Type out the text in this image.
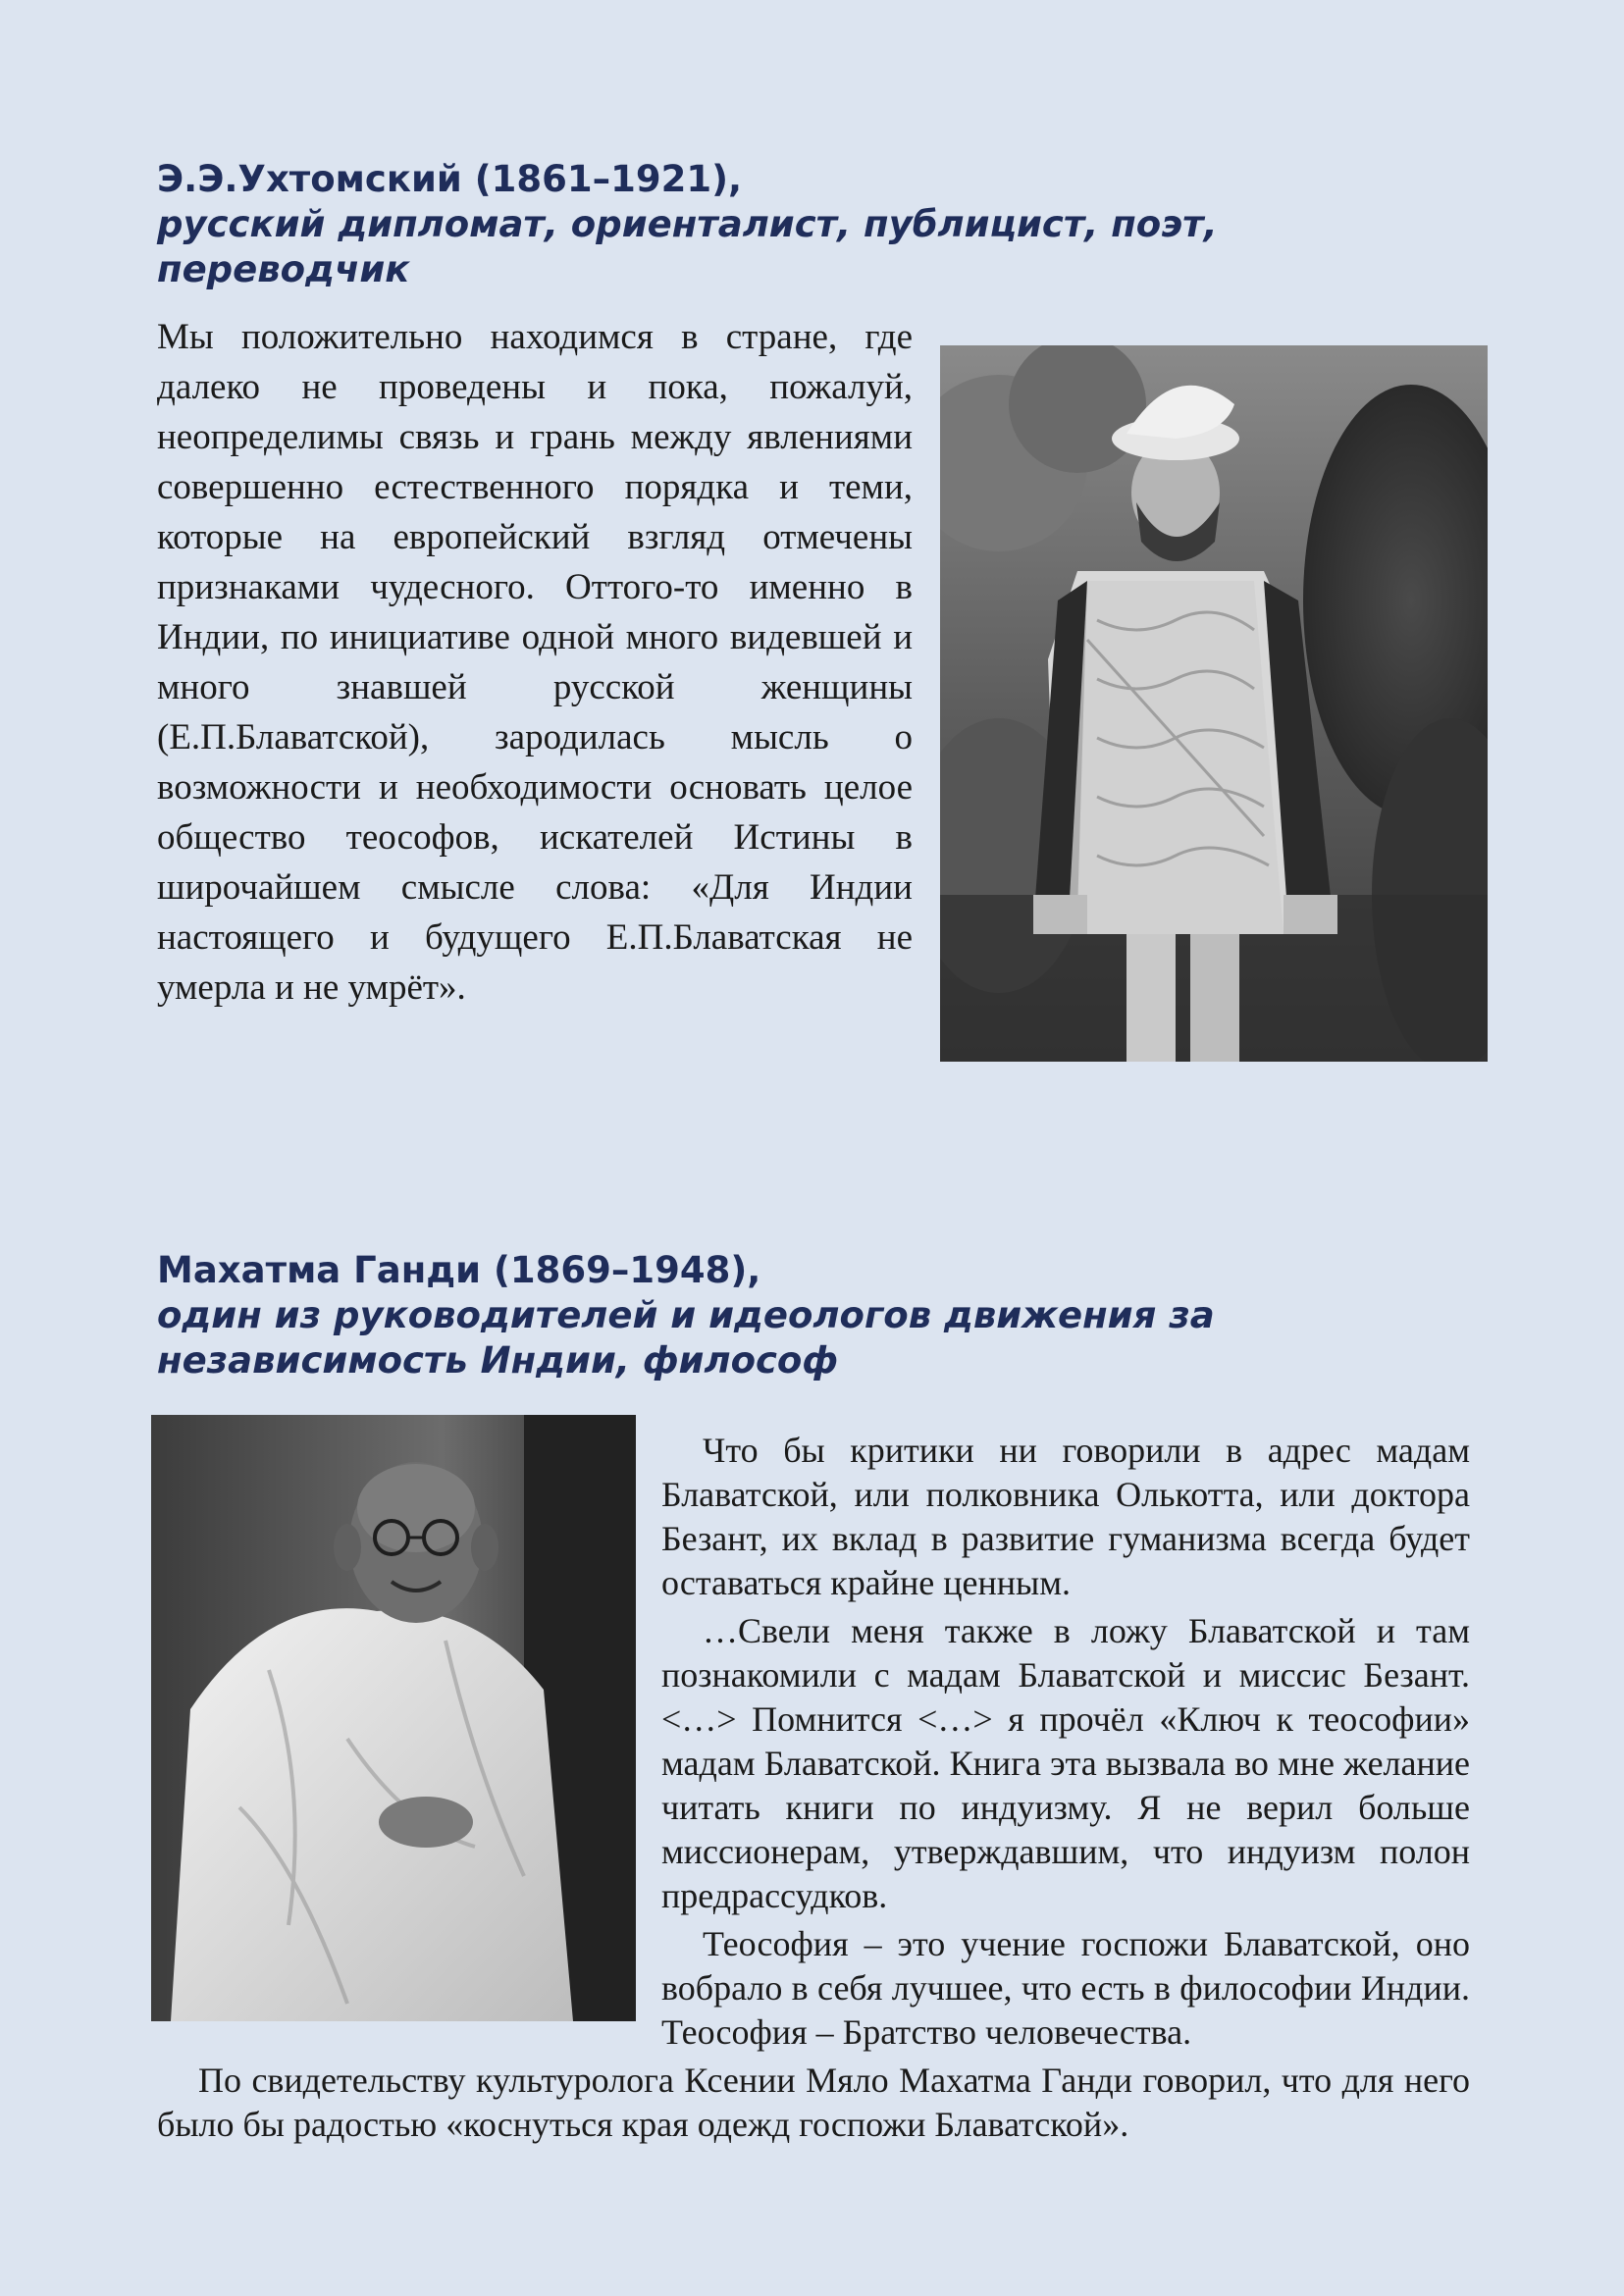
Э.Э.Ухтомский (1861–1921),
русский дипломат, ориенталист, публицист, поэт, переводчик

Мы положительно находимся в стране, где далеко не проведены и пока, пожалуй, неопределимы связь и грань между явлениями совершенно естественного порядка и теми, которые на европейский взгляд отмечены признаками чудесного. Оттого-то именно в Индии, по инициативе одной много видевшей и много знавшей русской женщины (Е.П.Блаватской), зародилась мысль о возможности и необходимости основать целое общество теософов, искателей Истины в широчайшем смысле слова: «Для Индии настоящего и будущего Е.П.Блаватская не умерла и не умрёт».

Махатма Ганди (1869–1948),
один из руководителей и идеологов движения за независимость Индии, философ

Что бы критики ни говорили в адрес мадам Блаватской, или полковника Олькотта, или доктора Безант, их вклад в развитие гуманизма всегда будет оставаться крайне ценным.

…Свели меня также в ложу Блаватской и там познакомили с мадам Блаватской и миссис Безант. <…> Помнится <…> я прочёл «Ключ к теософии» мадам Блаватской. Книга эта вызвала во мне желание читать книги по индуизму. Я не верил больше миссионерам, утверждавшим, что индуизм полон предрассудков.

Теософия – это учение госпожи Блаватской, оно вобрало в себя лучшее, что есть в философии Индии. Теософия – Братство человечества.

По свидетельству культуролога Ксении Мяло Махатма Ганди говорил, что для него было бы радостью «коснуться края одежд госпожи Блаватской».
